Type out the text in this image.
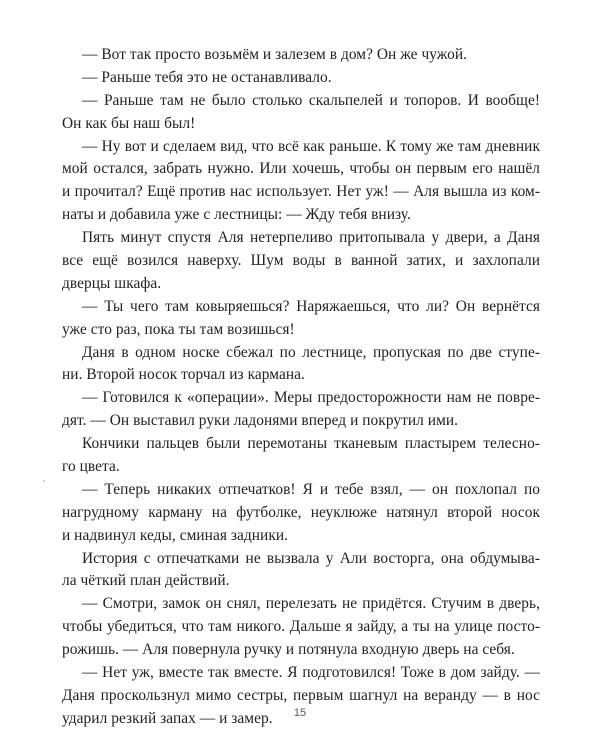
— Вот так просто возьмём и залезем в дом? Он же чужой.
— Раньше тебя это не останавливало.
— Раньше там не было столько скальпелей и топоров. И вообще!
Он как бы наш был!
— Ну вот и сделаем вид, что всё как раньше. К тому же там дневник
мой остался, забрать нужно. Или хочешь, чтобы он первым его нашёл
и прочитал? Ещё против нас использует. Нет уж! — Аля вышла из ком-
наты и добавила уже с лестницы: — Жду тебя внизу.
Пять минут спустя Аля нетерпеливо притопывала у двери, а Даня
все ещё возился наверху. Шум воды в ванной затих, и захлопали
дверцы шкафа.
— Ты чего там ковыряешься? Наряжаешься, что ли? Он вернётся
уже сто раз, пока ты там возишься!
Даня в одном носке сбежал по лестнице, пропуская по две ступе-
ни. Второй носок торчал из кармана.
— Готовился к «операции». Меры предосторожности нам не повре-
дят. — Он выставил руки ладонями вперед и покрутил ими.
Кончики пальцев были перемотаны тканевым пластырем телесно-
го цвета.
— Теперь никаких отпечатков! Я и тебе взял, — он похлопал по
нагрудному карману на футболке, неуклюже натянул второй носок
и надвинул кеды, сминая задники.
История с отпечатками не вызвала у Али восторга, она обдумыва-
ла чёткий план действий.
— Смотри, замок он снял, перелезать не придётся. Стучим в дверь,
чтобы убедиться, что там никого. Дальше я зайду, а ты на улице посто-
рожишь. — Аля повернула ручку и потянула входную дверь на себя.
— Нет уж, вместе так вместе. Я подготовился! Тоже в дом зайду. —
Даня проскользнул мимо сестры, первым шагнул на веранду — в нос
ударил резкий запах — и замер.	15
